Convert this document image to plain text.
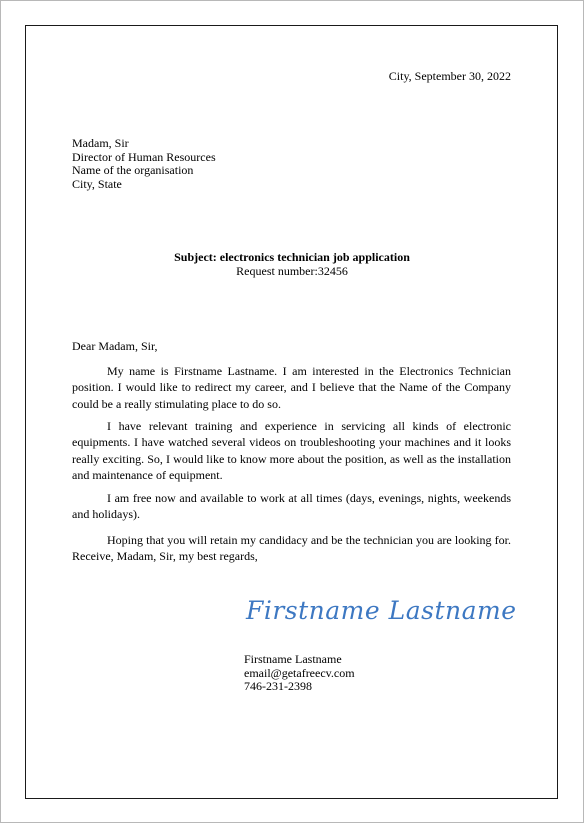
City, September 30, 2022
Madam, Sir
Director of Human Resources
Name of the organisation
City, State
Subject: electronics technician job application
Request number:32456
Dear Madam, Sir,
My name is Firstname Lastname. I am interested in the Electronics Technician position. I would like to redirect my career, and I believe that the Name of the Company could be a really stimulating place to do so.
I have relevant training and experience in servicing all kinds of electronic equipments. I have watched several videos on troubleshooting your machines and it looks really exciting. So, I would like to know more about the position, as well as the installation and maintenance of equipment.
I am free now and available to work at all times (days, evenings, nights, weekends and holidays).
Hoping that you will retain my candidacy and be the technician you are looking for. Receive, Madam, Sir, my best regards,
Firstname Lastname
Firstname Lastname
email@getafreecv.com
746-231-2398
